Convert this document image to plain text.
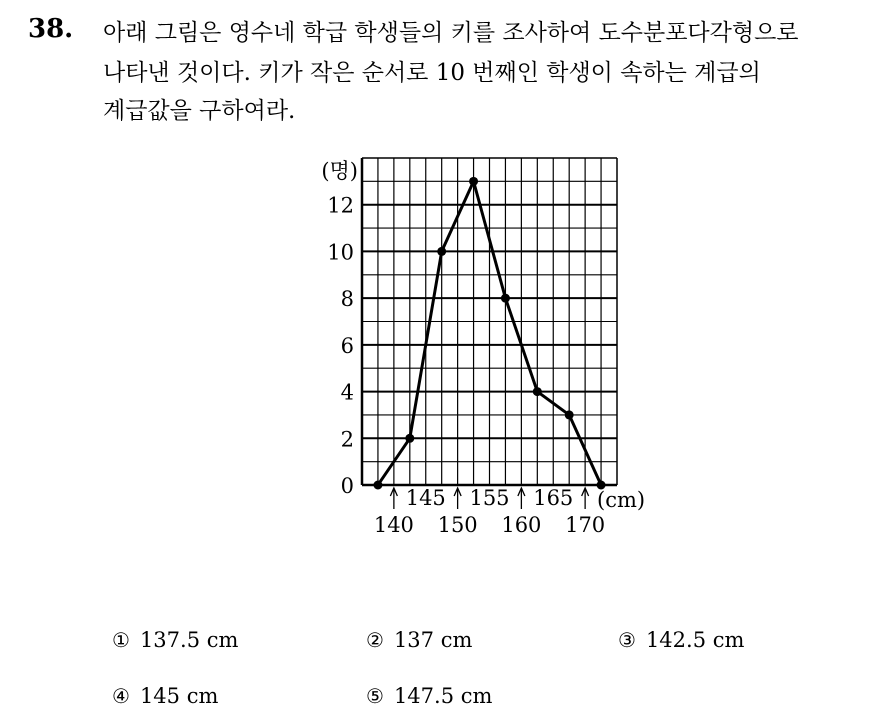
38. 아래 그림은 영수네 학급 학생들의 키를 조사하여 도수분포다각형으로
나타낸 것이다. 키가 작은 순서로 10 번째인 학생이 속하는 계급의
계급값을 구하여라.
0
2
4
6
8
10
12
(명)
145 155 165
140 150 160 170
(cm)
① 137.5 cm	② 137 cm	③ 142.5 cm
④ 145 cm	⑤ 147.5 cm
